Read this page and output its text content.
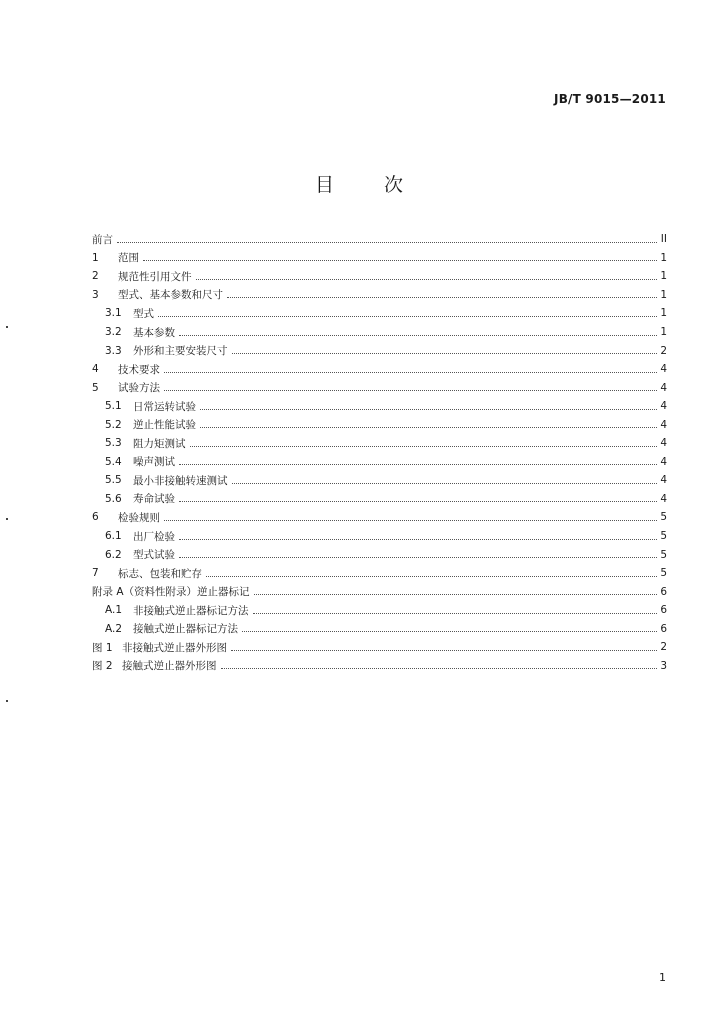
JB/T 9015—2011
目 次
前言	II
1	范围	1
2	规范性引用文件	1
3	型式、基本参数和尺寸	1
3.1	型式	1
3.2	基本参数	1
3.3	外形和主要安装尺寸	2
4	技术要求	4
5	试验方法	4
5.1	日常运转试验	4
5.2	逆止性能试验	4
5.3	阻力矩测试	4
5.4	噪声测试	4
5.5	最小非接触转速测试	4
5.6	寿命试验	4
6	检验规则	5
6.1	出厂检验	5
6.2	型式试验	5
7	标志、包装和贮存	5
附录 A（资料性附录）逆止器标记	6
A.1	非接触式逆止器标记方法	6
A.2	接触式逆止器标记方法	6
图 1 非接触式逆止器外形图	2
图 2 接触式逆止器外形图	3
1
